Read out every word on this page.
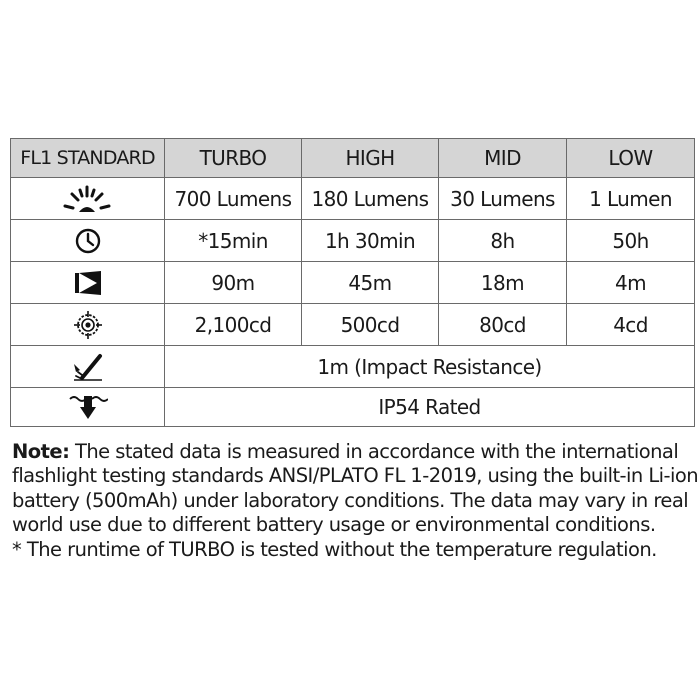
FL1 STANDARD	TURBO	HIGH	MID	LOW

	700 Lumens	180 Lumens	30 Lumens	1 Lumen

	*15min	1h 30min	8h	50h

	90m	45m	18m	4m

	2,100cd	500cd	80cd	4cd

	1m (Impact Resistance)			

	IP54 Rated			

Note: The stated data is measured in accordance with the international
flashlight testing standards ANSI/PLATO FL 1-2019, using the built-in Li-ion
battery (500mAh) under laboratory conditions. The data may vary in real
world use due to different battery usage or environmental conditions.
* The runtime of TURBO is tested without the temperature regulation.
